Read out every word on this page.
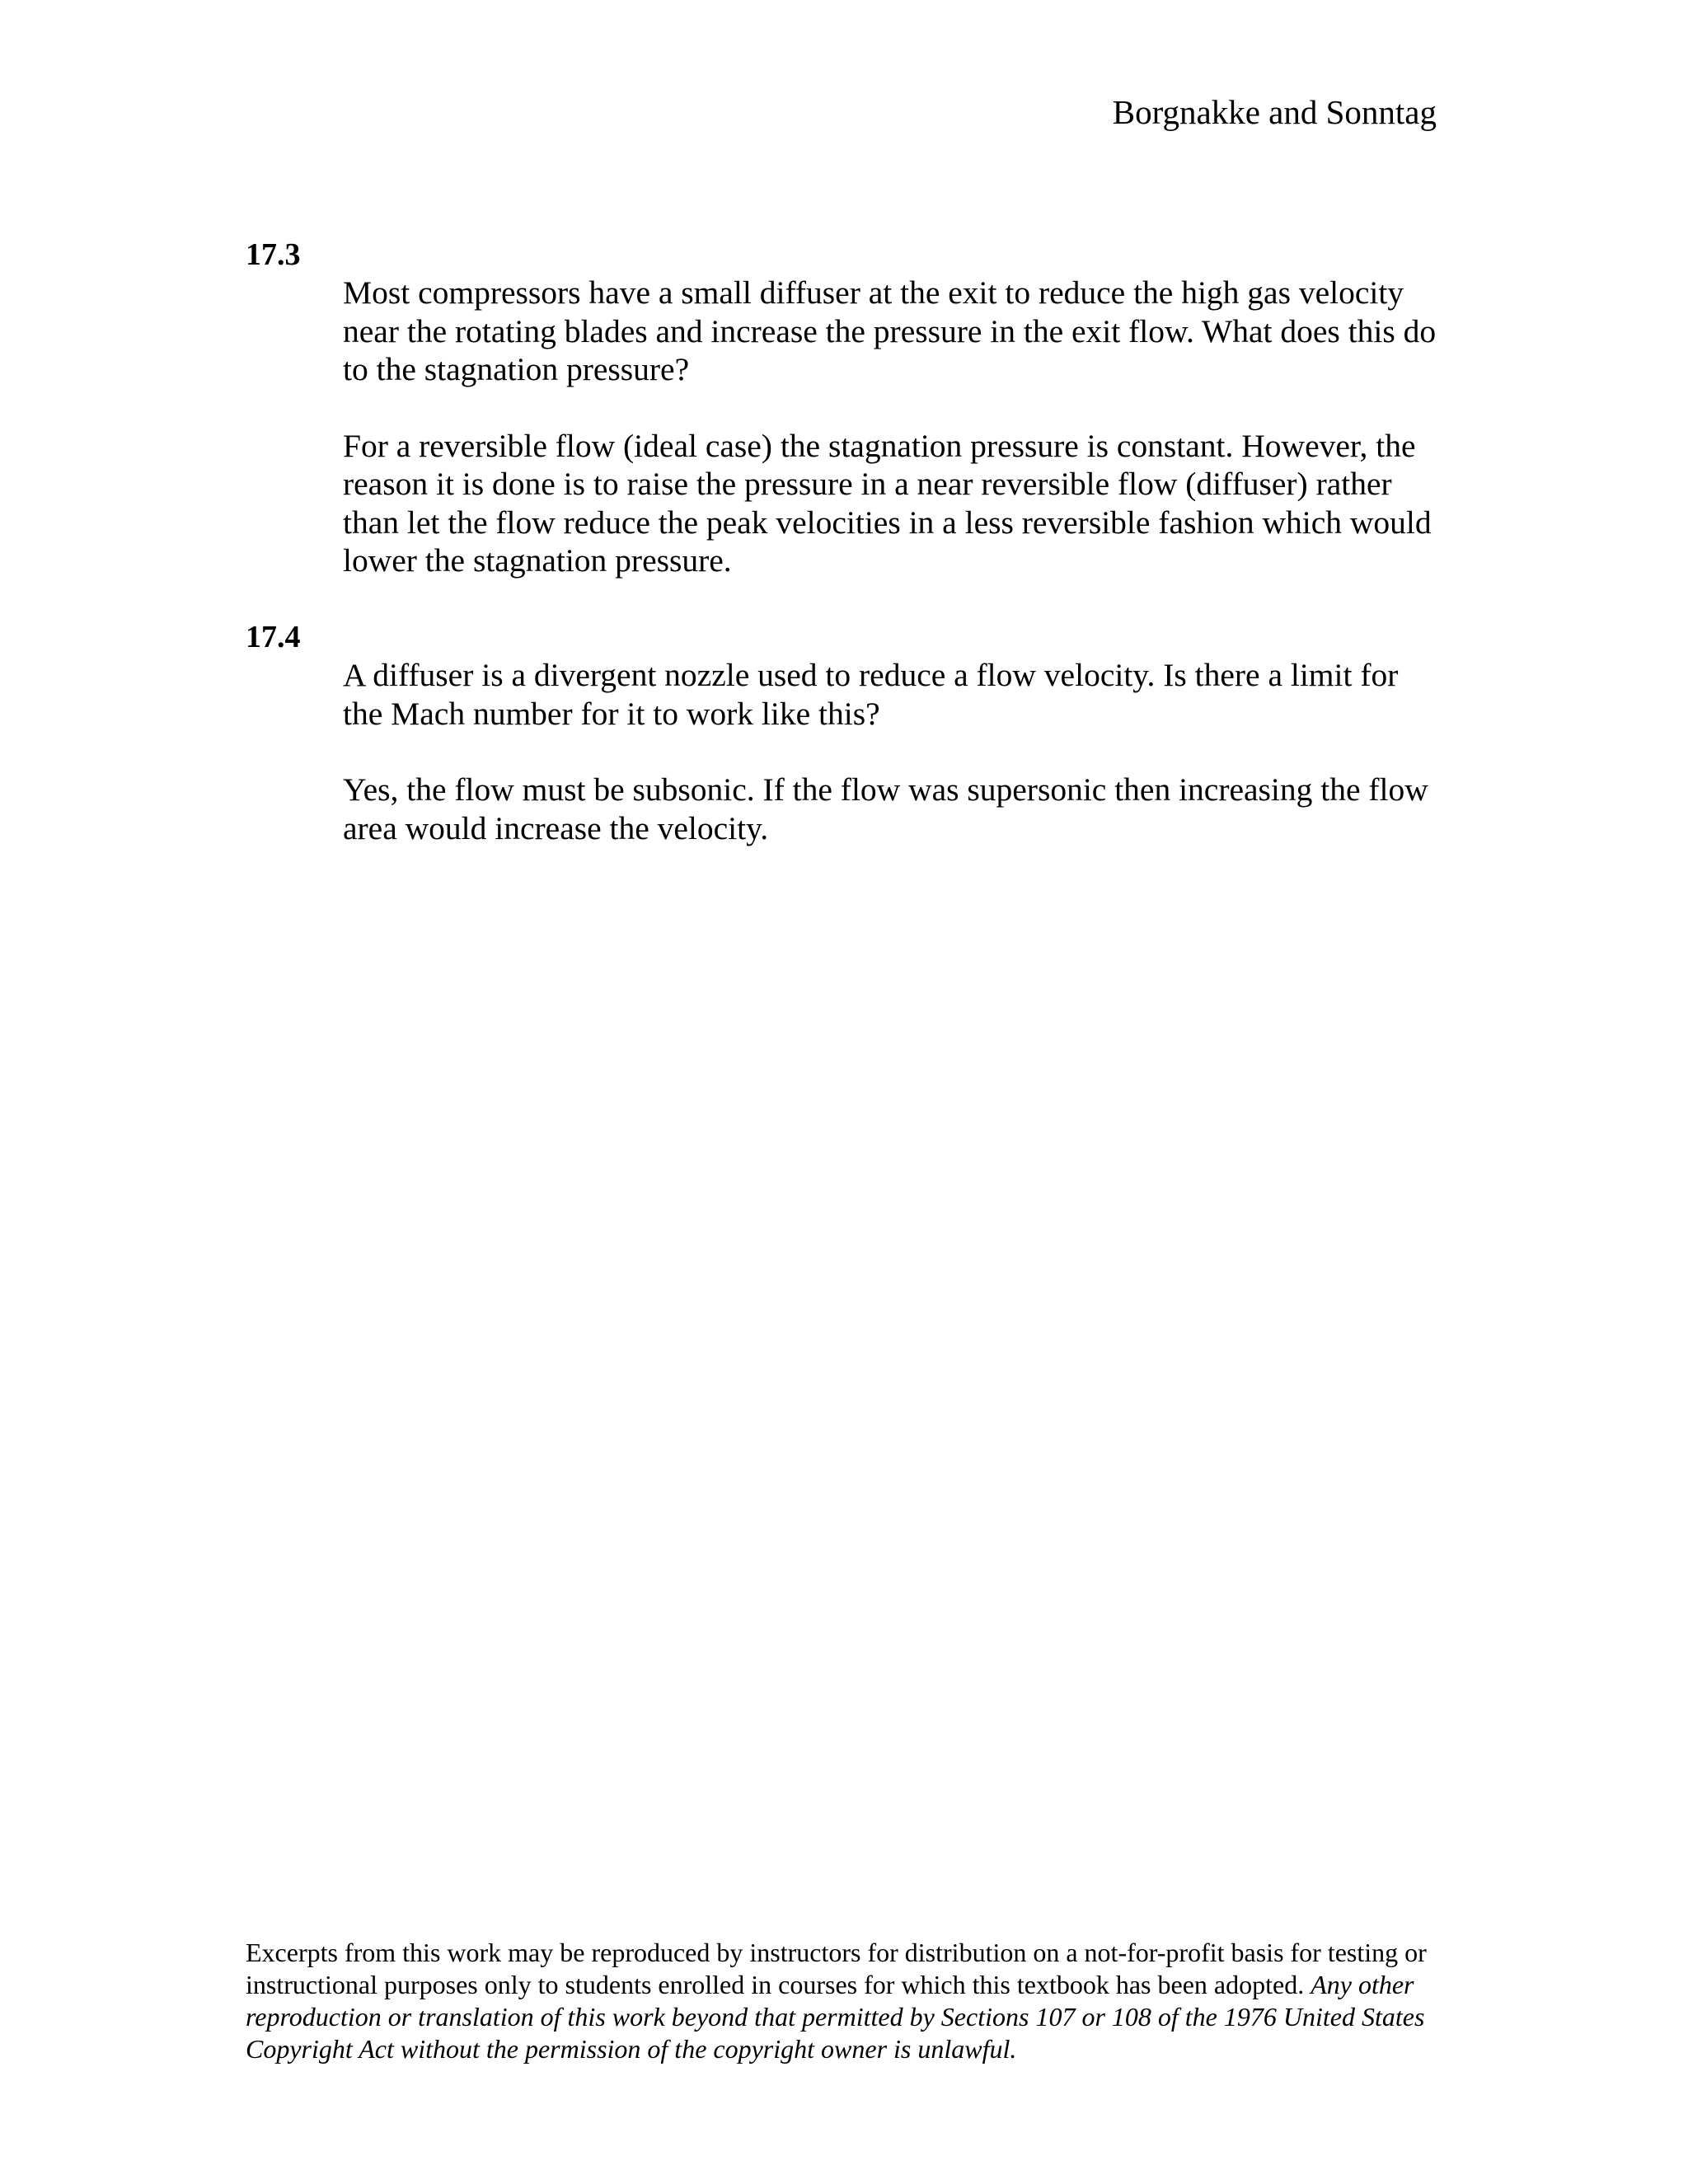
Borgnakke and Sonntag
17.3

Most compressors have a small diffuser at the exit to reduce the high gas velocity near the rotating blades and increase the pressure in the exit flow. What does this do to the stagnation pressure?

For a reversible flow (ideal case) the stagnation pressure is constant. However, the reason it is done is to raise the pressure in a near reversible flow (diffuser) rather than let the flow reduce the peak velocities in a less reversible fashion which would lower the stagnation pressure.

17.4

A diffuser is a divergent nozzle used to reduce a flow velocity. Is there a limit for the Mach number for it to work like this?

Yes, the flow must be subsonic. If the flow was supersonic then increasing the flow area would increase the velocity.

Excerpts from this work may be reproduced by instructors for distribution on a not-for-profit basis for testing or instructional purposes only to students enrolled in courses for which this textbook has been adopted. Any other reproduction or translation of this work beyond that permitted by Sections 107 or 108 of the 1976 United States Copyright Act without the permission of the copyright owner is unlawful.
